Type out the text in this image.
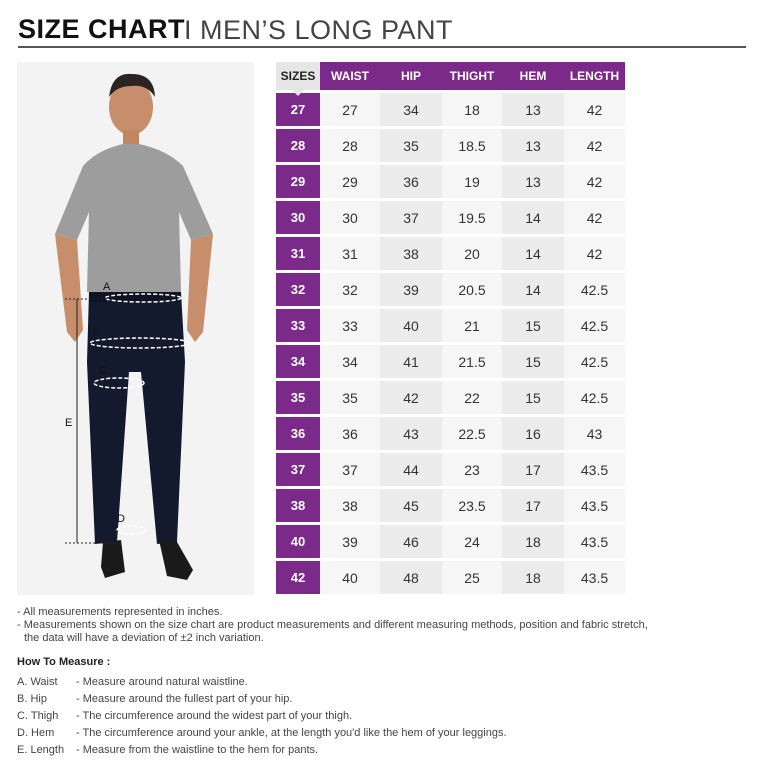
SIZE CHART I MEN’S LONG PANT
A
B
C
D
E
SIZES	WAIST	HIP	THIGHT	HEM	LENGTH
27	27	34	18	13	42
28	28	35	18.5	13	42
29	29	36	19	13	42
30	30	37	19.5	14	42
31	31	38	20	14	42
32	32	39	20.5	14	42.5
33	33	40	21	15	42.5
34	34	41	21.5	15	42.5
35	35	42	22	15	42.5
36	36	43	22.5	16	43
37	37	44	23	17	43.5
38	38	45	23.5	17	43.5
40	39	46	24	18	43.5
42	40	48	25	18	43.5

- All measurements represented in inches.

- Measurements shown on the size chart are product measurements and different measuring methods, position and fabric stretch,

the data will have a deviation of ±2 inch variation.

How To Measure :
A. Waist	- Measure around natural waistline.
B. Hip	- Measure around the fullest part of your hip.
C. Thigh	- The circumference around the widest part of your thigh.
D. Hem	- The circumference around your ankle, at the length you'd like the hem of your leggings.
E. Length	- Measure from the waistline to the hem for pants.
